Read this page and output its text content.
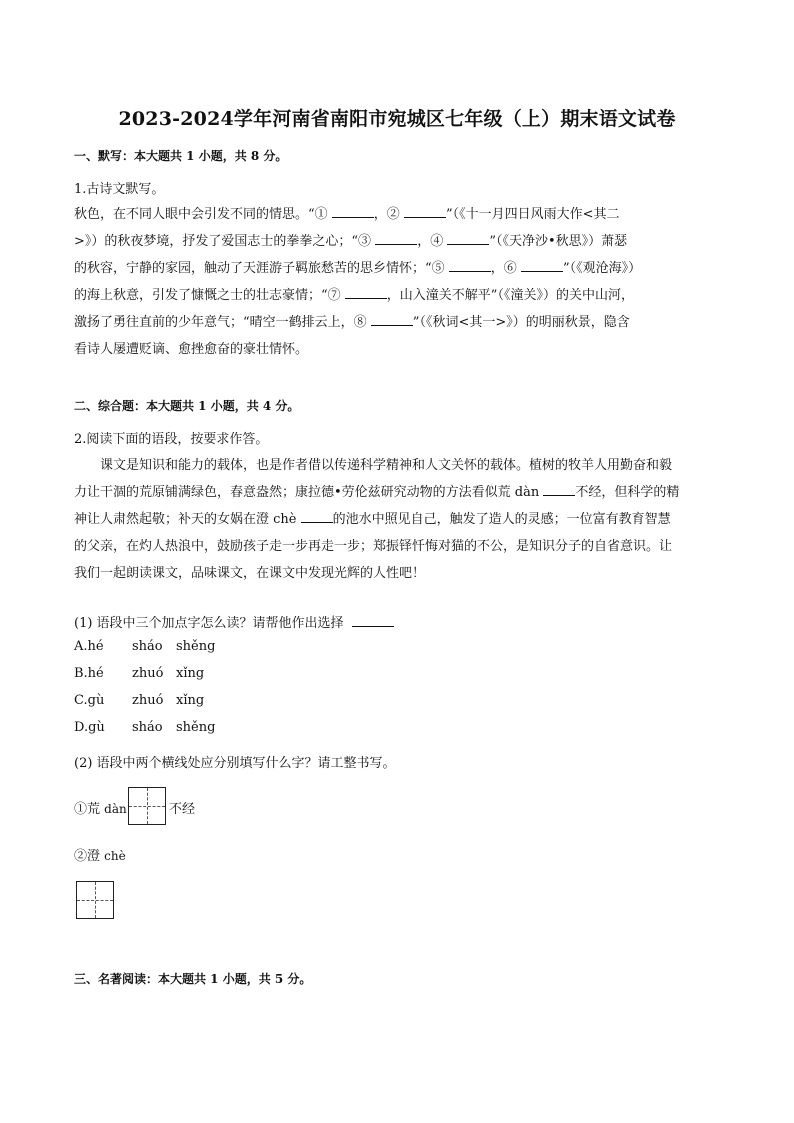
2023-2024学年河南省南阳市宛城区七年级（上）期末语文试卷
一、默写：本大题共 1 小题，共 8 分。
1.古诗文默写。
秋色，在不同人眼中会引发不同的情思。“①	，②	”（《十一月四日风雨大作<其二
>》）的秋夜梦境，抒发了爱国志士的拳拳之心；“③	，④	”（《天净沙•秋思》）萧瑟
的秋容，宁静的家园，触动了天涯游子羁旅愁苦的思乡情怀；“⑤	，⑥	”（《观沧海》）
的海上秋意，引发了慷慨之士的壮志豪情；“⑦	，山入潼关不解平”（《潼关》）的关中山河，
激扬了勇往直前的少年意气；“晴空一鹤排云上，⑧	”（《秋词<其一>》）的明丽秋景，隐含
看诗人屡遭贬谪、愈挫愈奋的豪壮情怀。
二、综合题：本大题共 1 小题，共 4 分。
2.阅读下面的语段，按要求作答。
课文是知识和能力的载体，也是作者借以传递科学精神和人文关怀的载体。植树的牧羊人用勤奋和毅
力让干涸的荒原铺满绿色，春意盎然；康拉德•劳伦兹研究动物的方法看似荒 dàn	不经，但科学的精
神让人肃然起敬；补天的女娲在澄 chè	的池水中照见自己，触发了造人的灵感；一位富有教育智慧
的父亲，在灼人热浪中，鼓励孩子走一步再走一步；郑振铎忏悔对猫的不公，是知识分子的自省意识。让
我们一起朗读课文，品味课文，在课文中发现光辉的人性吧！
(1) 语段中三个加点字怎么读？请帮他作出选择
A.hé sháo shěng
B.hé zhuó xǐng
C.gù zhuó xǐng
D.gù sháo shěng
(2) 语段中两个横线处应分别填写什么字？请工整书写。
①荒 dàn	不经
②澄 chè
三、名著阅读：本大题共 1 小题，共 5 分。
